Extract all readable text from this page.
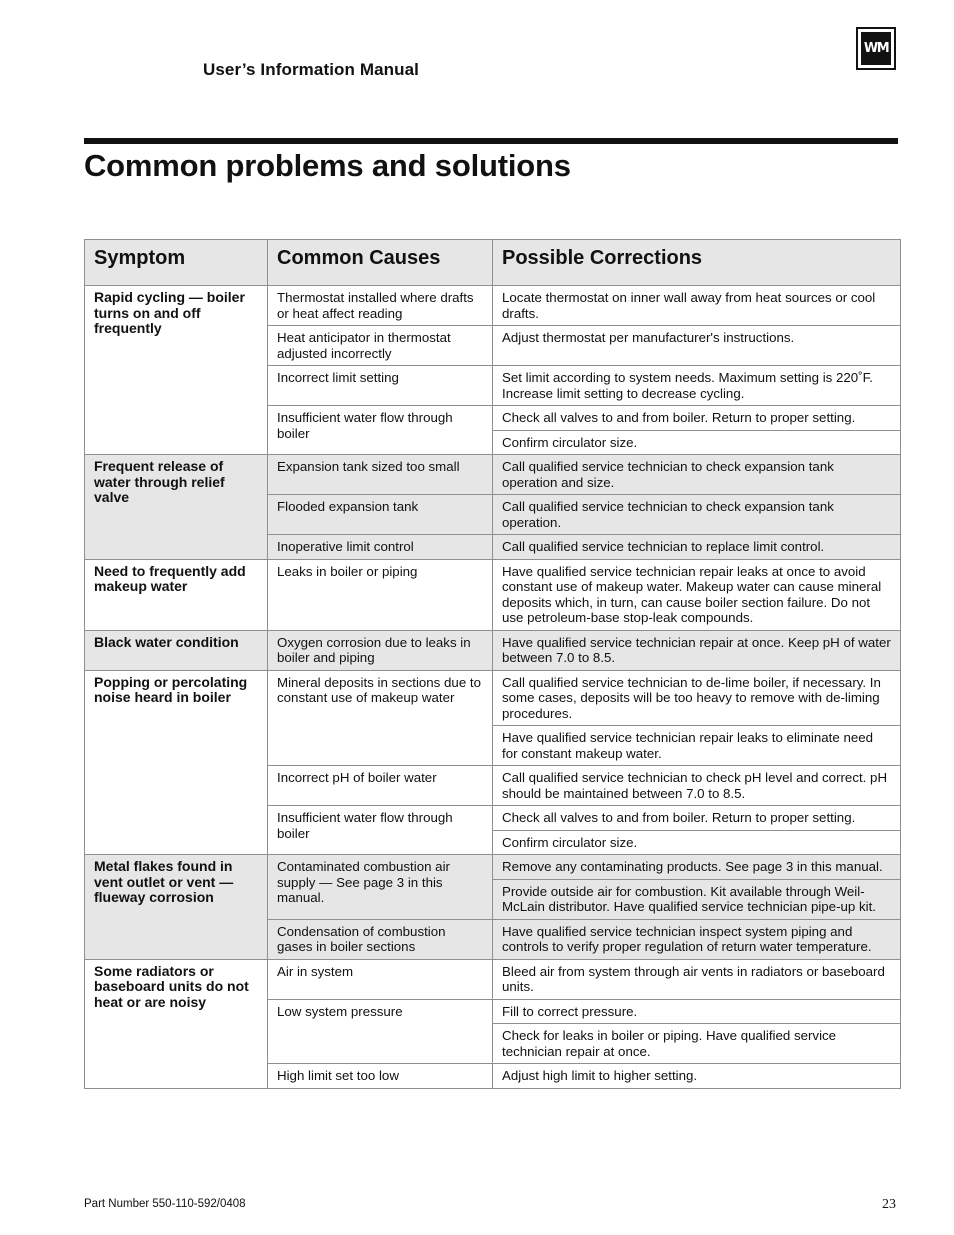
User’s Information Manual
WM
Common problems and solutions
Symptom	Common Causes	Possible Corrections
Rapid cycling — boiler turns on and off frequently	Thermostat installed where drafts or heat affect reading	Locate thermostat on inner wall away from heat sources or cool drafts.
	Heat anticipator in thermostat adjusted incorrectly	Adjust thermostat per manufacturer's instructions.
	Incorrect limit setting	Set limit according to system needs. Maximum setting is 220˚F. Increase limit setting to decrease cycling.
	Insufficient water flow through boiler	Check all valves to and from boiler. Return to proper setting.
		Confirm circulator size.
Frequent release of water through relief valve	Expansion tank sized too small	Call qualified service technician to check expansion tank operation and size.
	Flooded expansion tank	Call qualified service technician to check expansion tank operation.
	Inoperative limit control	Call qualified service technician to replace limit control.
Need to frequently add makeup water	Leaks in boiler or piping	Have qualified service technician repair leaks at once to avoid constant use of makeup water. Makeup water can cause mineral deposits which, in turn, can cause boiler section failure. Do not use petroleum-base stop-leak compounds.
Black water condition	Oxygen corrosion due to leaks in boiler and piping	Have qualified service technician repair at once. Keep pH of water between 7.0 to 8.5.
Popping or percolating noise heard in boiler	Mineral deposits in sections due to constant use of makeup water	Call qualified service technician to de-lime boiler, if necessary. In some cases, deposits will be too heavy to remove with de-liming procedures.
		Have qualified service technician repair leaks to eliminate need for constant makeup water.
	Incorrect pH of boiler water	Call qualified service technician to check pH level and correct. pH should be maintained between 7.0 to 8.5.
	Insufficient water flow through boiler	Check all valves to and from boiler. Return to proper setting.
		Confirm circulator size.
Metal flakes found in vent outlet or vent — flueway corrosion	Contaminated combustion air supply — See page 3 in this manual.	Remove any contaminating products. See page 3 in this manual.
		Provide outside air for combustion. Kit available through Weil-McLain distributor. Have qualified service technician pipe-up kit.
	Condensation of combustion gases in boiler sections	Have qualified service technician inspect system piping and controls to verify proper regulation of return water temperature.
Some radiators or baseboard units do not heat or are noisy	Air in system	Bleed air from system through air vents in radiators or baseboard units.
	Low system pressure	Fill to correct pressure.
		Check for leaks in boiler or piping. Have qualified service technician repair at once.
	High limit set too low	Adjust high limit to higher setting.
Part Number 550-110-592/0408	23
